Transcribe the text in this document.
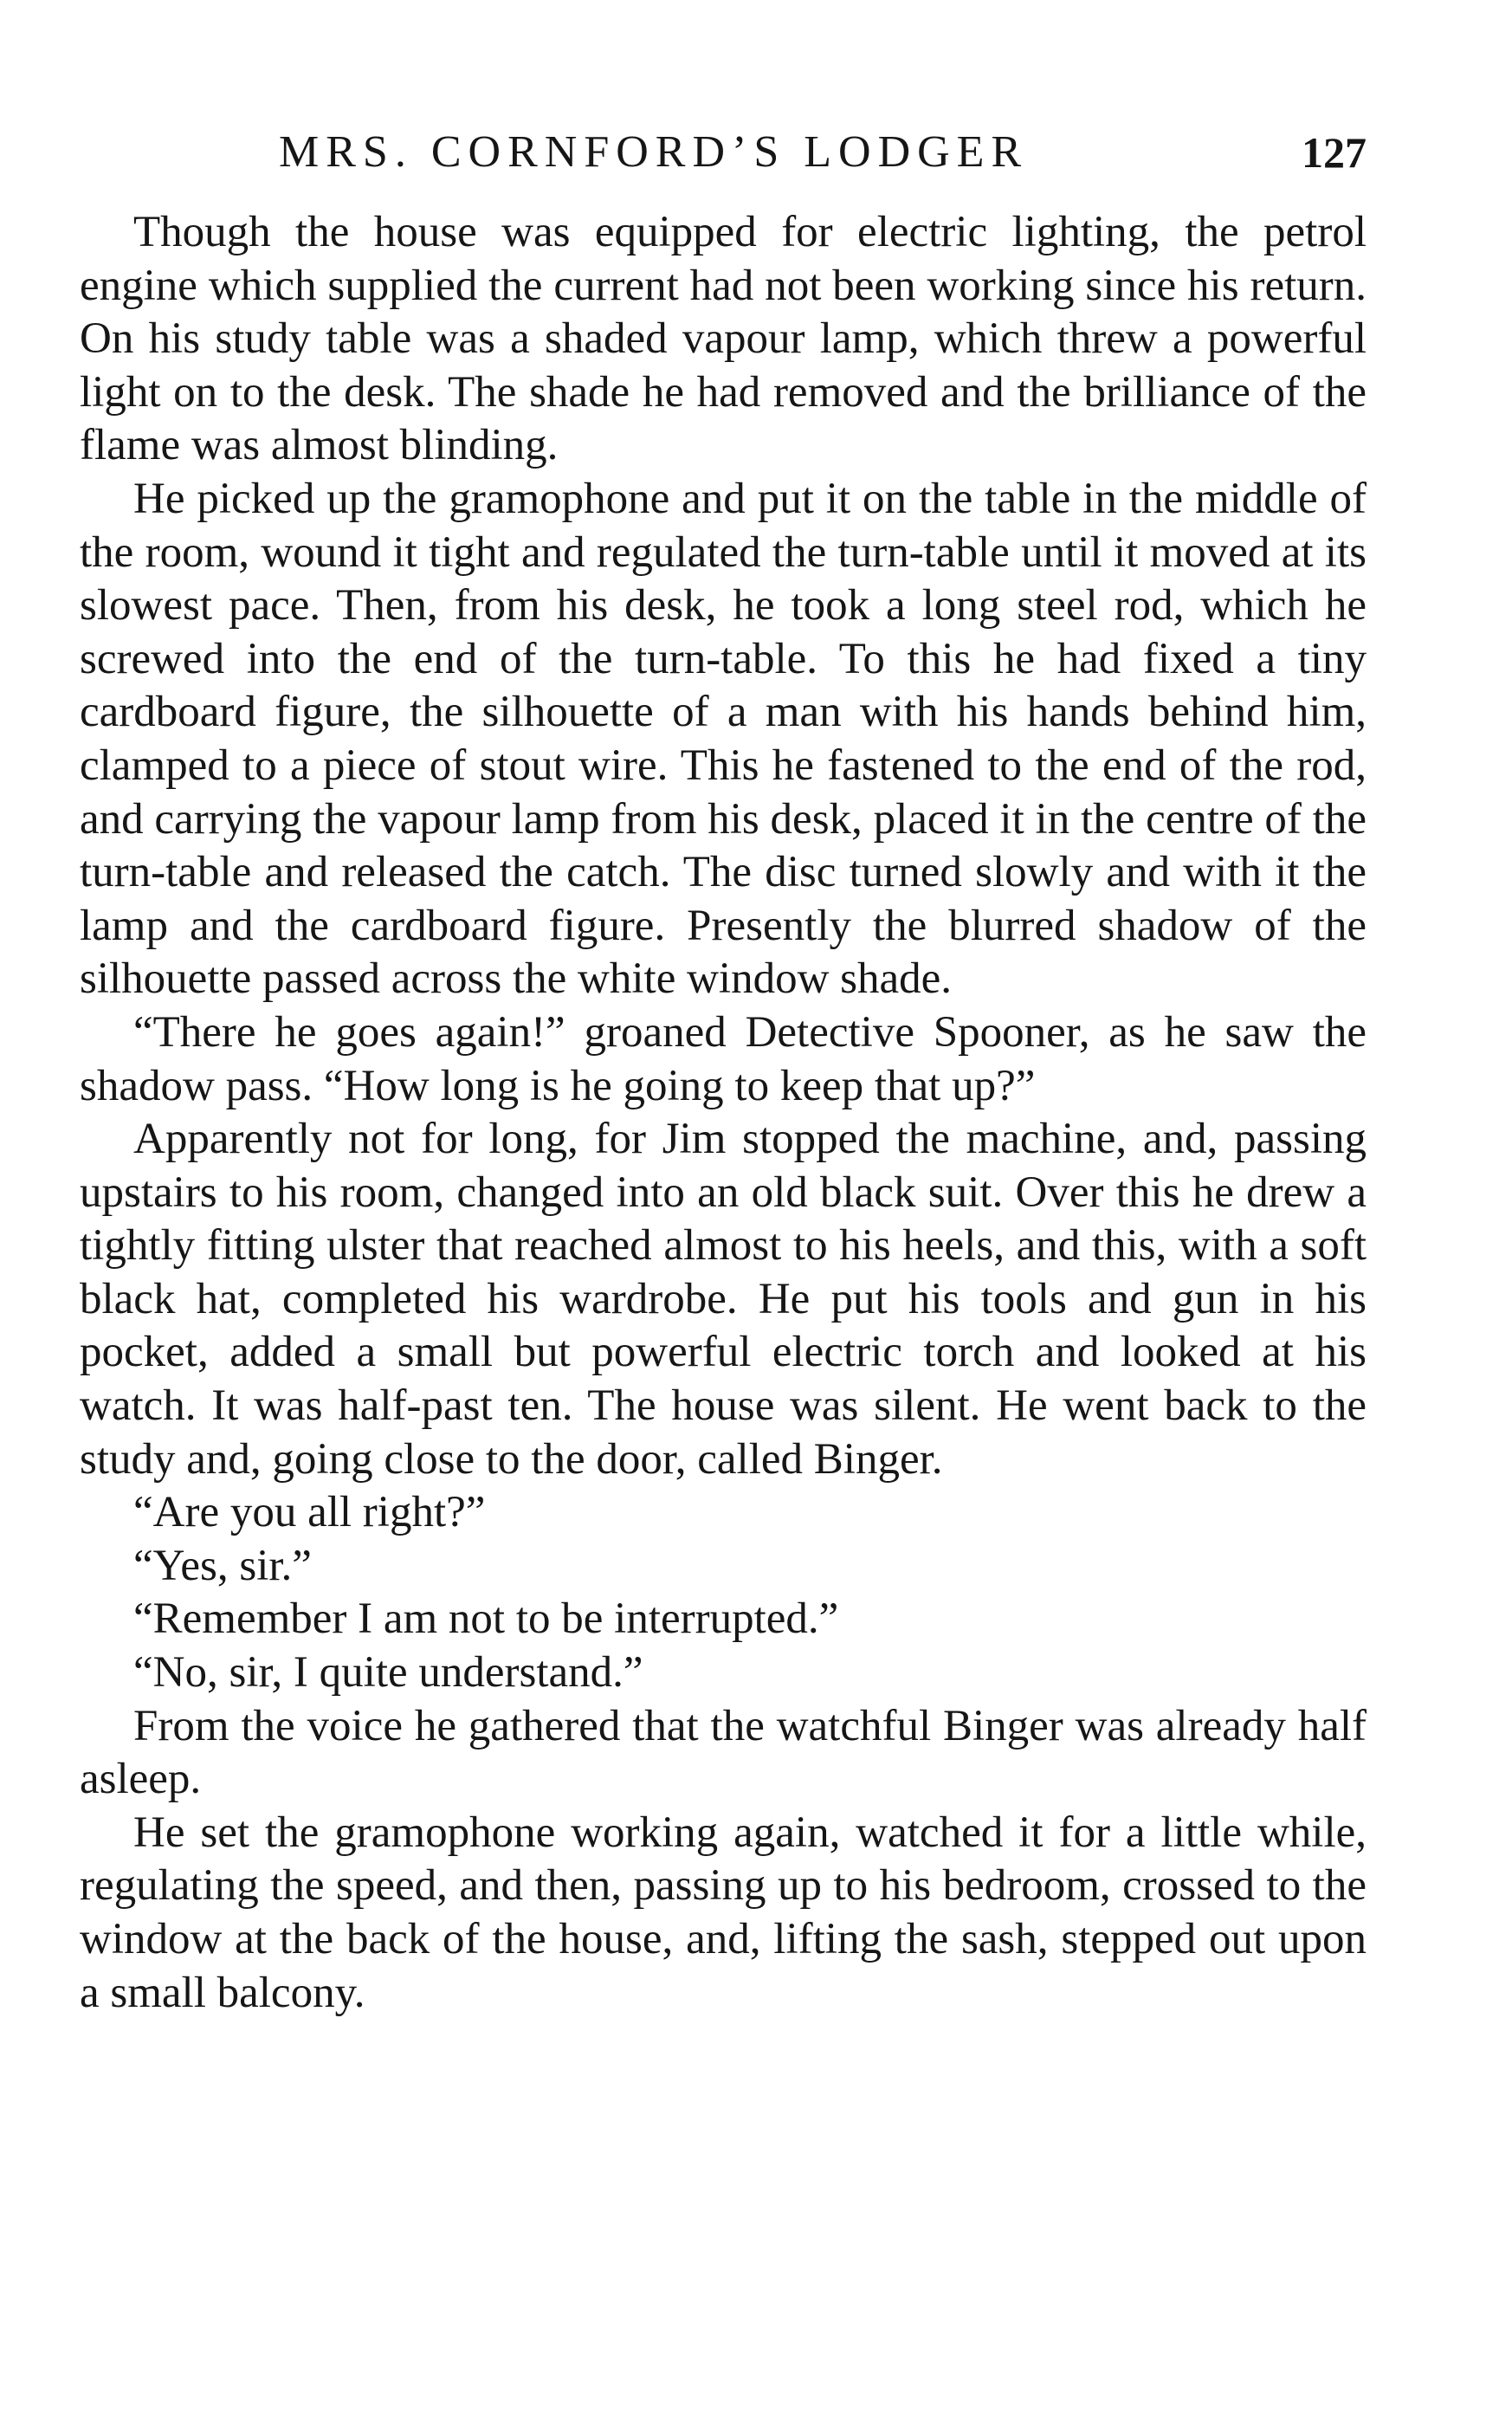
MRS. CORNFORD’S LODGER	127

Though the house was equipped for electric lighting, the petrol engine which supplied the current had not been working since his return. On his study table was a shaded vapour lamp, which threw a powerful light on to the desk. The shade he had removed and the brilliance of the flame was almost blinding.

He picked up the gramophone and put it on the table in the middle of the room, wound it tight and regulated the turn-table until it moved at its slowest pace. Then, from his desk, he took a long steel rod, which he screwed into the end of the turn-table. To this he had fixed a tiny cardboard figure, the silhouette of a man with his hands behind him, clamped to a piece of stout wire. This he fastened to the end of the rod, and carrying the vapour lamp from his desk, placed it in the centre of the turn-table and released the catch. The disc turned slowly and with it the lamp and the cardboard figure. Presently the blurred shadow of the silhouette passed across the white window shade.

“There he goes again!” groaned Detective Spooner, as he saw the shadow pass. “How long is he going to keep that up?”

Apparently not for long, for Jim stopped the machine, and, passing upstairs to his room, changed into an old black suit. Over this he drew a tightly fitting ulster that reached almost to his heels, and this, with a soft black hat, completed his wardrobe. He put his tools and gun in his pocket, added a small but powerful electric torch and looked at his watch. It was half-past ten. The house was silent. He went back to the study and, going close to the door, called Binger.

“Are you all right?”

“Yes, sir.”

“Remember I am not to be interrupted.”

“No, sir, I quite understand.”

From the voice he gathered that the watchful Binger was already half asleep.

He set the gramophone working again, watched it for a little while, regulating the speed, and then, passing up to his bedroom, crossed to the window at the back of the house, and, lifting the sash, stepped out upon a small balcony.
